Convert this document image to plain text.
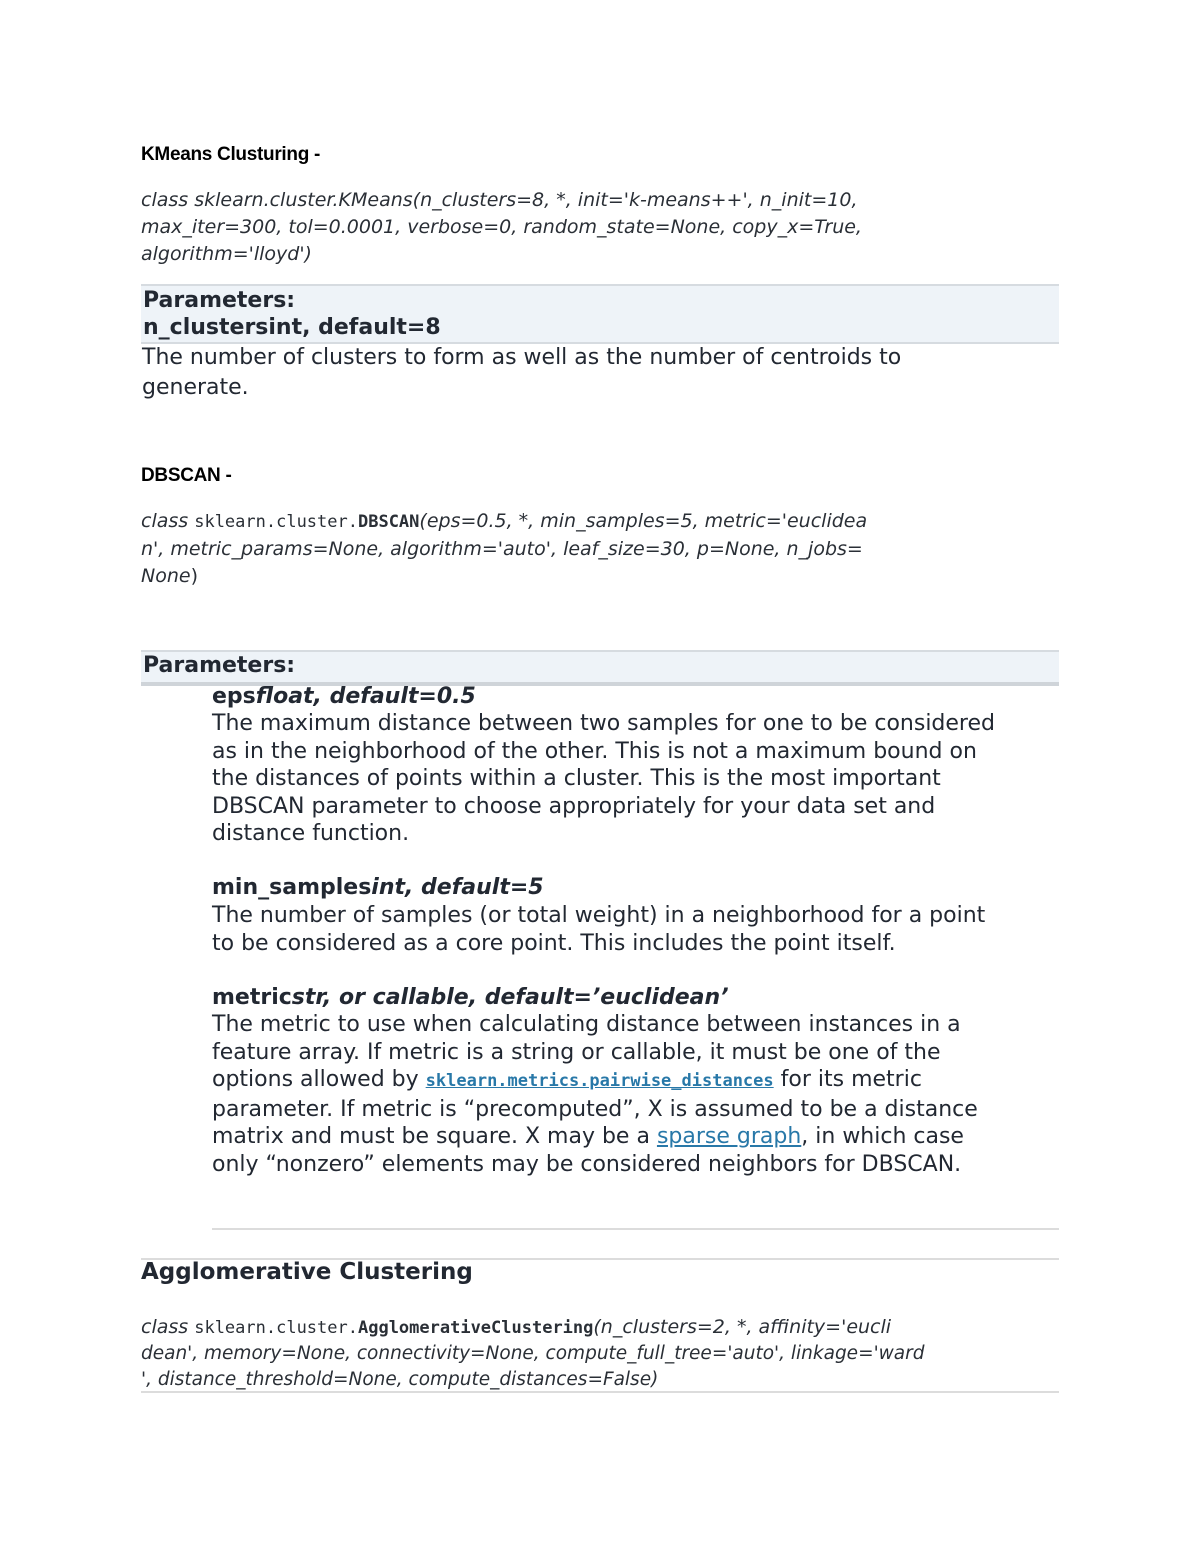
KMeans Clusturing -
class sklearn.cluster.KMeans(n_clusters=8, *, init='k-means++', n_init=10,
max_iter=300, tol=0.0001, verbose=0, random_state=None, copy_x=True,
algorithm='lloyd')
Parameters:
n_clustersint, default=8
The number of clusters to form as well as the number of centroids to
generate.
DBSCAN -
class sklearn.cluster.DBSCAN(eps=0.5, *, min_samples=5, metric='euclidea
n', metric_params=None, algorithm='auto', leaf_size=30, p=None, n_jobs=
None)
Parameters:
epsfloat, default=0.5
The maximum distance between two samples for one to be considered
as in the neighborhood of the other. This is not a maximum bound on
the distances of points within a cluster. This is the most important
DBSCAN parameter to choose appropriately for your data set and
distance function.
min_samplesint, default=5
The number of samples (or total weight) in a neighborhood for a point
to be considered as a core point. This includes the point itself.
metricstr, or callable, default=’euclidean’
The metric to use when calculating distance between instances in a
feature array. If metric is a string or callable, it must be one of the
options allowed by sklearn.metrics.pairwise_distances for its metric
parameter. If metric is “precomputed”, X is assumed to be a distance
matrix and must be square. X may be a sparse graph, in which case
only “nonzero” elements may be considered neighbors for DBSCAN.
Agglomerative Clustering
class sklearn.cluster.AgglomerativeClustering(n_clusters=2, *, affinity='eucli
dean', memory=None, connectivity=None, compute_full_tree='auto', linkage='ward
', distance_threshold=None, compute_distances=False)
